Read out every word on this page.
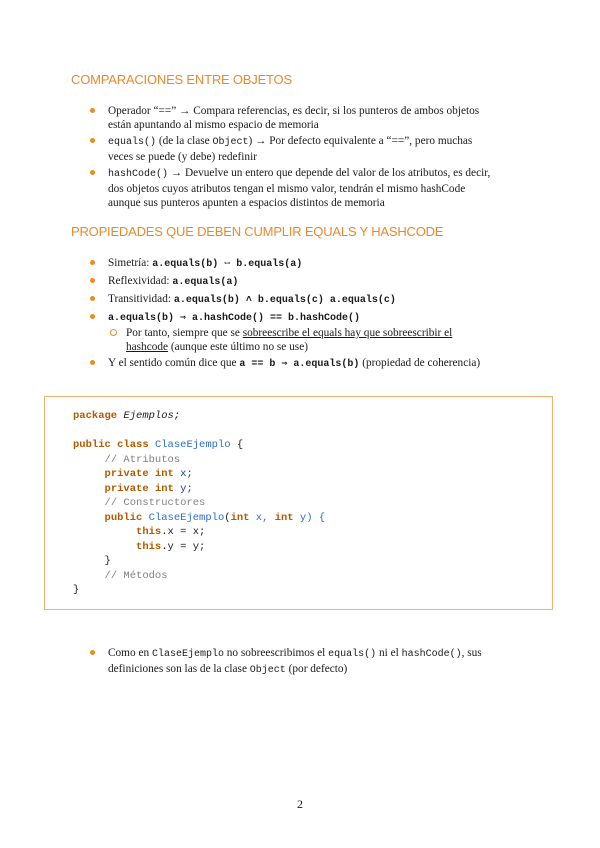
COMPARACIONES ENTRE OBJETOS
Operador “==” → Compara referencias, es decir, si los punteros de ambos objetos
están apuntando al mismo espacio de memoria
equals() (de la clase Object) → Por defecto equivalente a “==”, pero muchas
veces se puede (y debe) redefinir
hashCode() → Devuelve un entero que depende del valor de los atributos, es decir,
dos objetos cuyos atributos tengan el mismo valor, tendrán el mismo hashCode
aunque sus punteros apunten a espacios distintos de memoria
PROPIEDADES QUE DEBEN CUMPLIR EQUALS Y HASHCODE
Simetría: a.equals(b) ⇔ b.equals(a)
Reflexividad: a.equals(a)
Transitividad: a.equals(b) ˄ b.equals(c) a.equals(c)
a.equals(b) ⇒ a.hashCode() == b.hashCode()
Por tanto, siempre que se sobreescribe el equals hay que sobreescribir el
hashcode (aunque este último no se use)
Y el sentido común dice que a == b ⇒ a.equals(b) (propiedad de coherencia)
package Ejemplos;

public class ClaseEjemplo {
// Atributos
private int x;
private int y;
// Constructores
public ClaseEjemplo(int x, int y) {
this.x = x;
this.y = y;
}
// Métodos
}
Como en ClaseEjemplo no sobreescribimos el equals() ni el hashCode(), sus
definiciones son las de la clase Object (por defecto)
2
